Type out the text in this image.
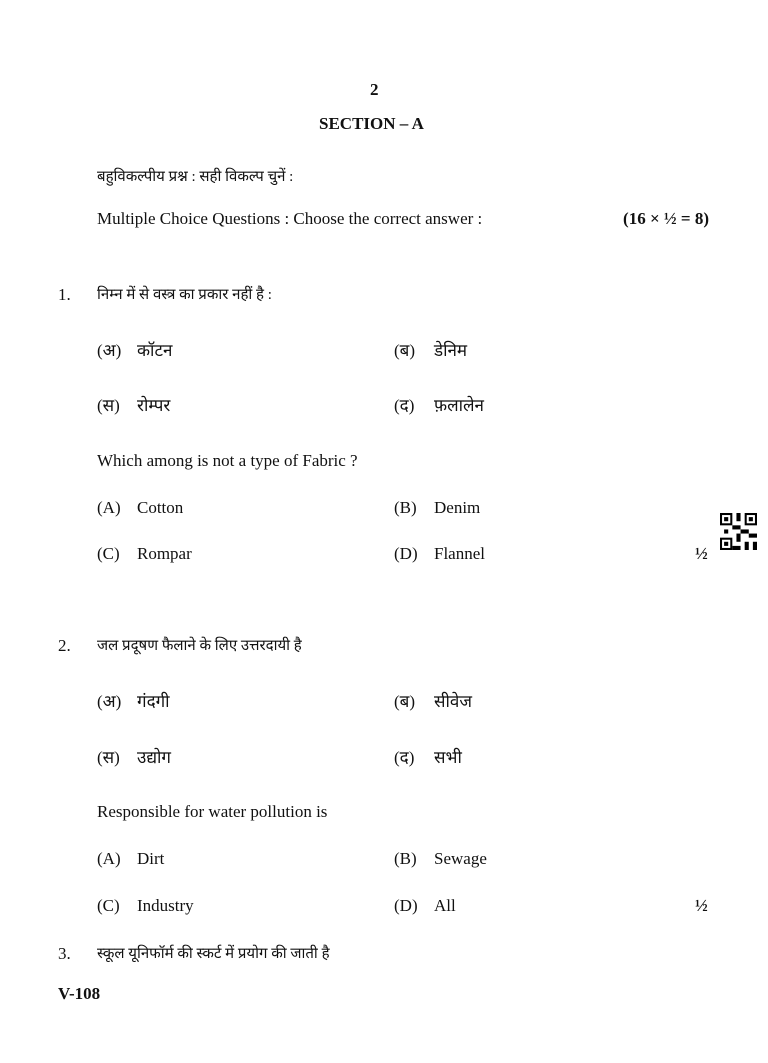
2
SECTION – A
बहुविकल्पीय प्रश्न : सही विकल्प चुनें :
Multiple Choice Questions : Choose the correct answer :	(16 × ½ = 8)
1. निम्न में से वस्त्र का प्रकार नहीं है :
(अ) कॉटन	(ब) डेनिम
(स) रोम्पर	(द) फ़लालेन
Which among is not a type of Fabric ?
(A) Cotton	(B) Denim
(C) Rompar	(D) Flannel	½
2. जल प्रदूषण फैलाने के लिए उत्तरदायी है
(अ) गंदगी	(ब) सीवेज
(स) उद्योग	(द) सभी
Responsible for water pollution is
(A) Dirt	(B) Sewage
(C) Industry	(D) All	½
3. स्कूल यूनिफॉर्म की स्कर्ट में प्रयोग की जाती है
V-108
